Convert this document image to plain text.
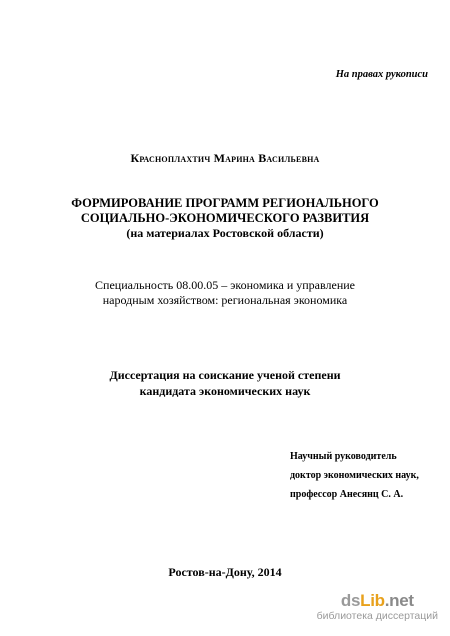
На правах рукописи
Красноплахтич Марина Васильевна
ФОРМИРОВАНИЕ ПРОГРАММ РЕГИОНАЛЬНОГО
СОЦИАЛЬНО-ЭКОНОМИЧЕСКОГО РАЗВИТИЯ
(на материалах Ростовской области)
Специальность 08.00.05 – экономика и управление
народным хозяйством: региональная экономика
Диссертация на соискание ученой степени
кандидата экономических наук
Научный руководитель
доктор экономических наук,
профессор Анесянц С. А.
Ростов-на-Дону, 2014
dsLib.net
библиотека диссертаций
